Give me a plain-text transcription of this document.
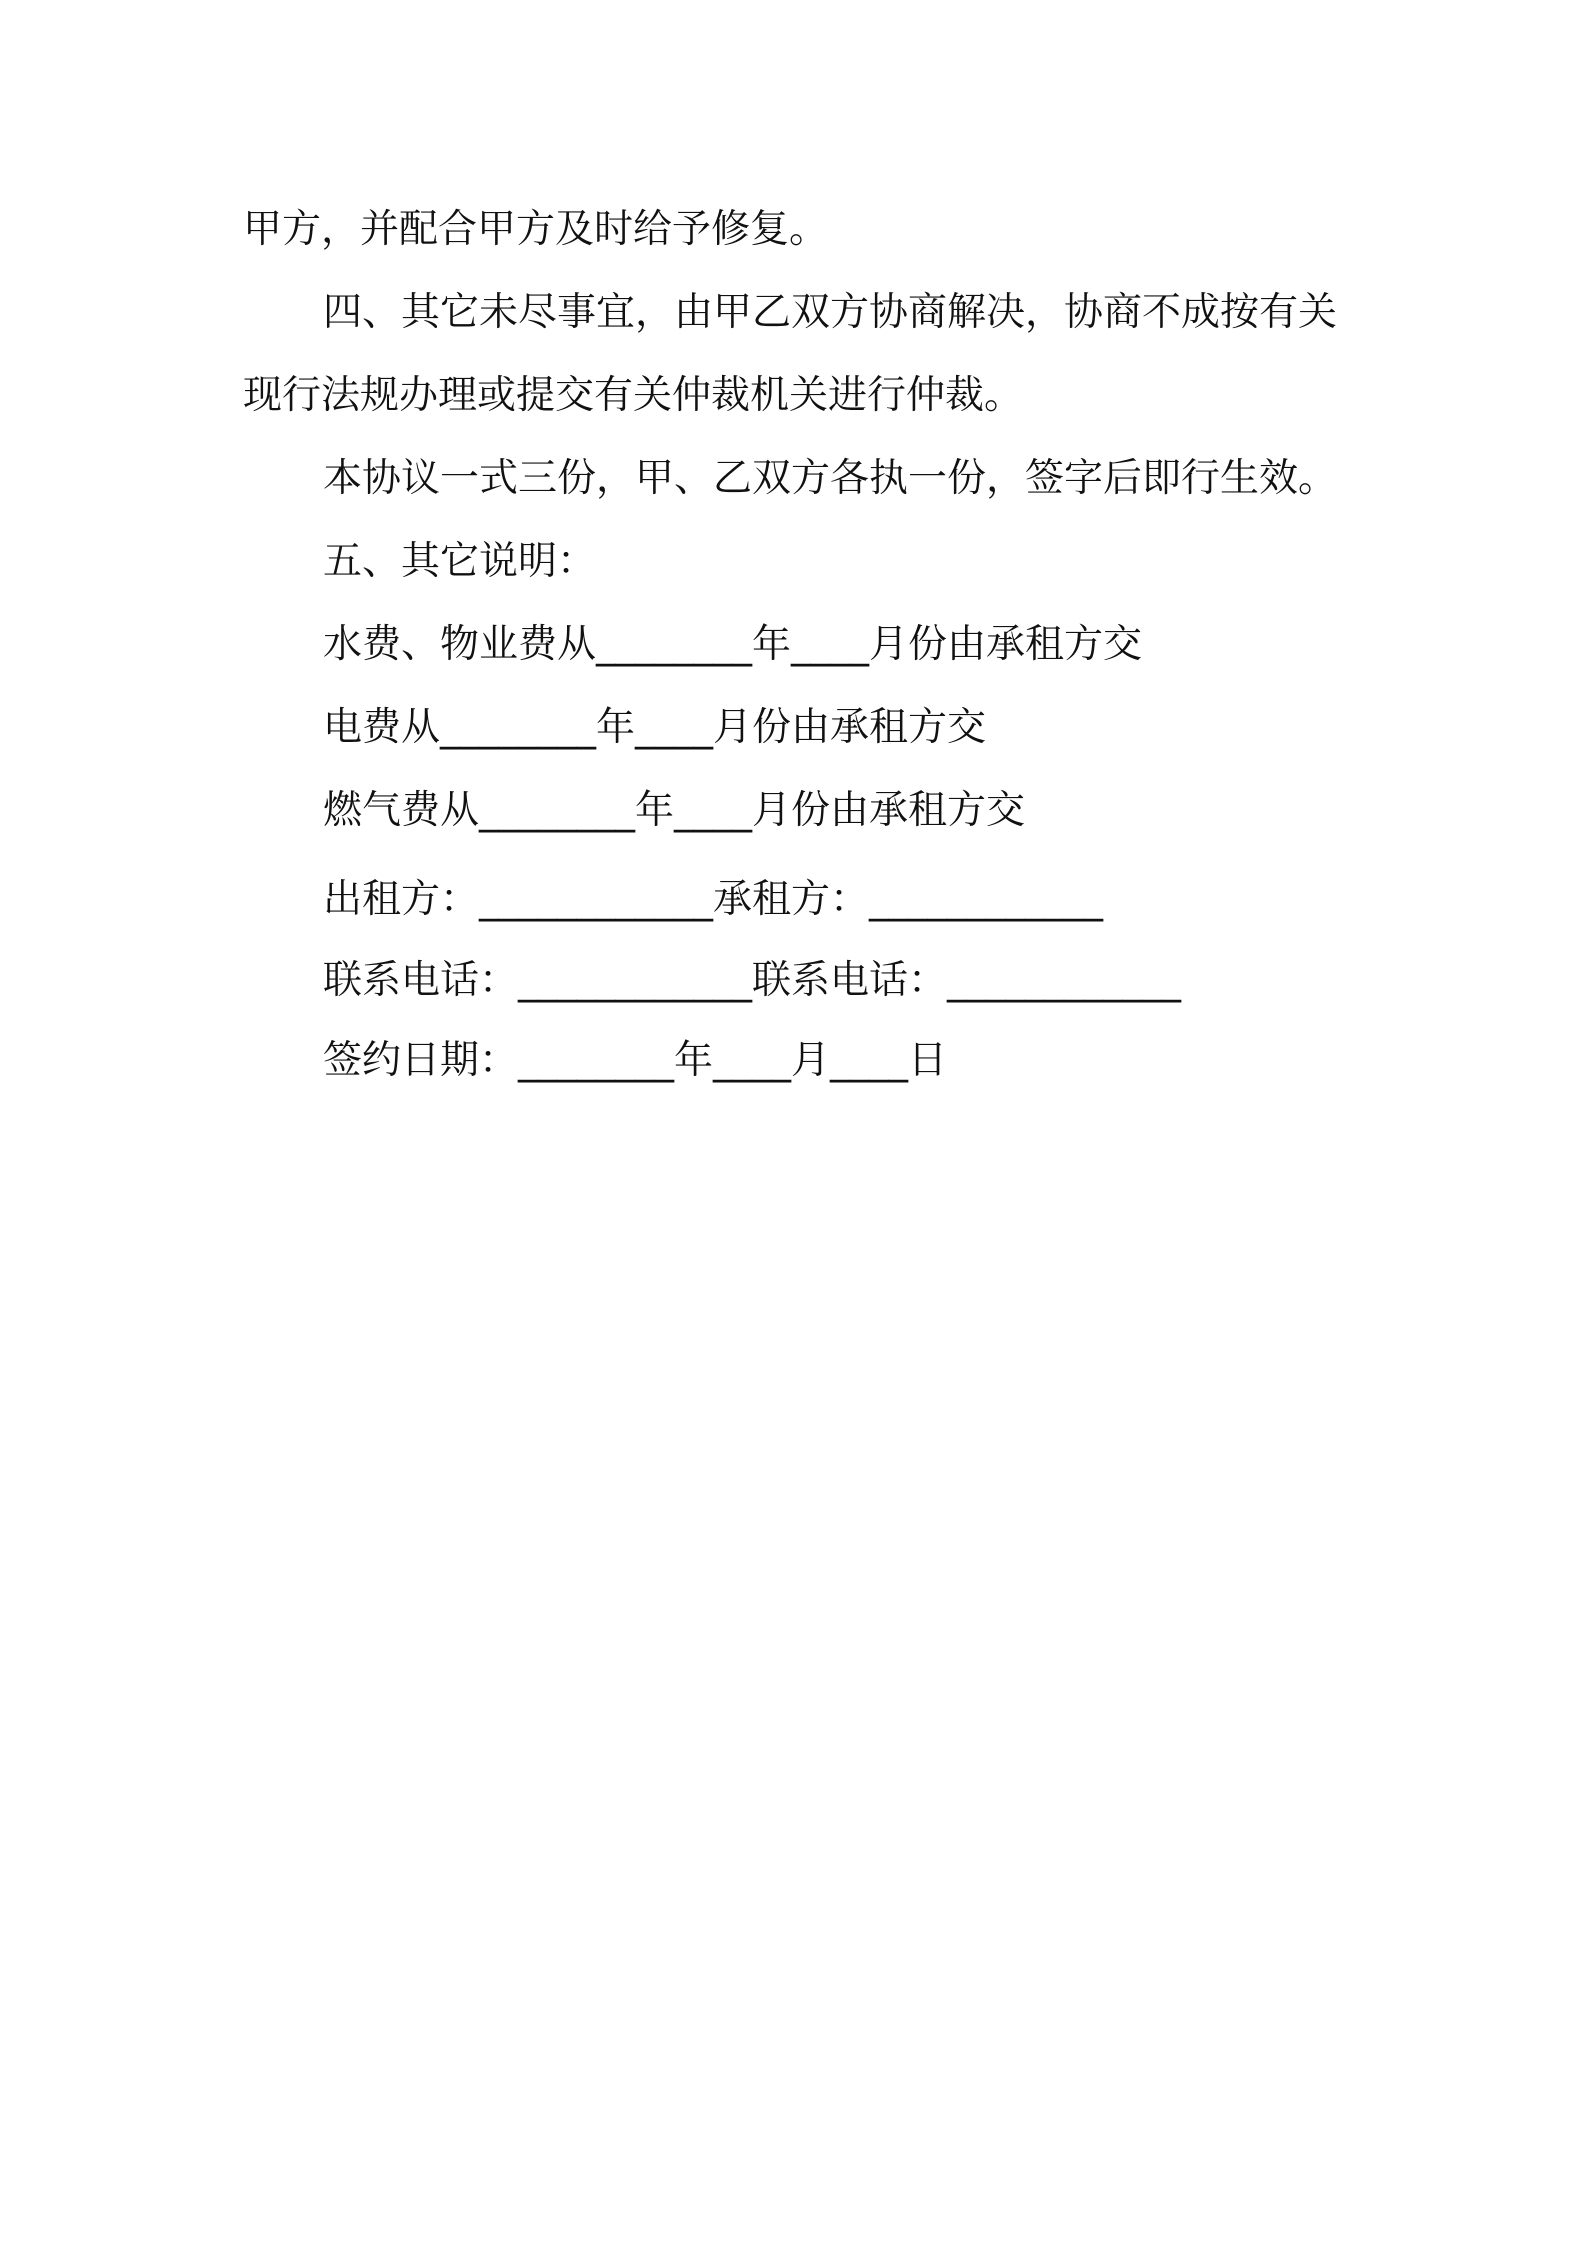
甲方，并配合甲方及时给予修复。
四、其它未尽事宜，由甲乙双方协商解决，协商不成按有关
现行法规办理或提交有关仲裁机关进行仲裁。
本协议一式三份，甲、乙双方各执一份，签字后即行生效。
五、其它说明：
水费、物业费从________年____月份由承租方交
电费从________年____月份由承租方交
燃气费从________年____月份由承租方交
出租方：____________承租方：____________
联系电话：____________联系电话：____________
签约日期：________年____月____日
